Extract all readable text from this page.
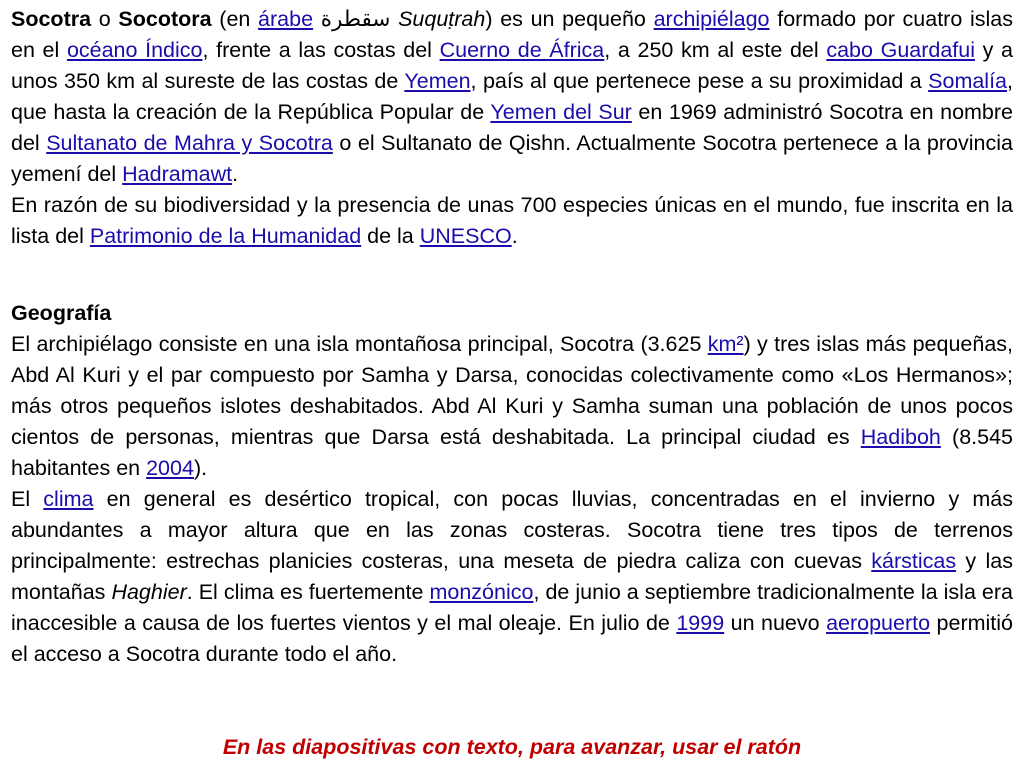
Socotra o Socotora (en árabe سقطرة Suquṭrah) es un pequeño archipiélago formado por cuatro islas en el océano Índico, frente a las costas del Cuerno de África, a 250 km al este del cabo Guardafui y a unos 350 km al sureste de las costas de Yemen, país al que pertenece pese a su proximidad a Somalía, que hasta la creación de la República Popular de Yemen del Sur en 1969 administró Socotra en nombre del Sultanato de Mahra y Socotra o el Sultanato de Qishn. Actualmente Socotra pertenece a la provincia yemení del Hadramawt.

En razón de su biodiversidad y la presencia de unas 700 especies únicas en el mundo, fue inscrita en la lista del Patrimonio de la Humanidad de la UNESCO.

Geografía

El archipiélago consiste en una isla montañosa principal, Socotra (3.625 km²) y tres islas más pequeñas, Abd Al Kuri y el par compuesto por Samha y Darsa, conocidas colectivamente como «Los Hermanos»; más otros pequeños islotes deshabitados. Abd Al Kuri y Samha suman una población de unos pocos cientos de personas, mientras que Darsa está deshabitada. La principal ciudad es Hadiboh (8.545 habitantes en 2004).

El clima en general es desértico tropical, con pocas lluvias, concentradas en el invierno y más abundantes a mayor altura que en las zonas costeras. Socotra tiene tres tipos de terrenos principalmente: estrechas planicies costeras, una meseta de piedra caliza con cuevas kársticas y las montañas Haghier. El clima es fuertemente monzónico, de junio a septiembre tradicionalmente la isla era inaccesible a causa de los fuertes vientos y el mal oleaje. En julio de 1999 un nuevo aeropuerto permitió el acceso a Socotra durante todo el año.

En las diapositivas con texto, para avanzar, usar el ratón
